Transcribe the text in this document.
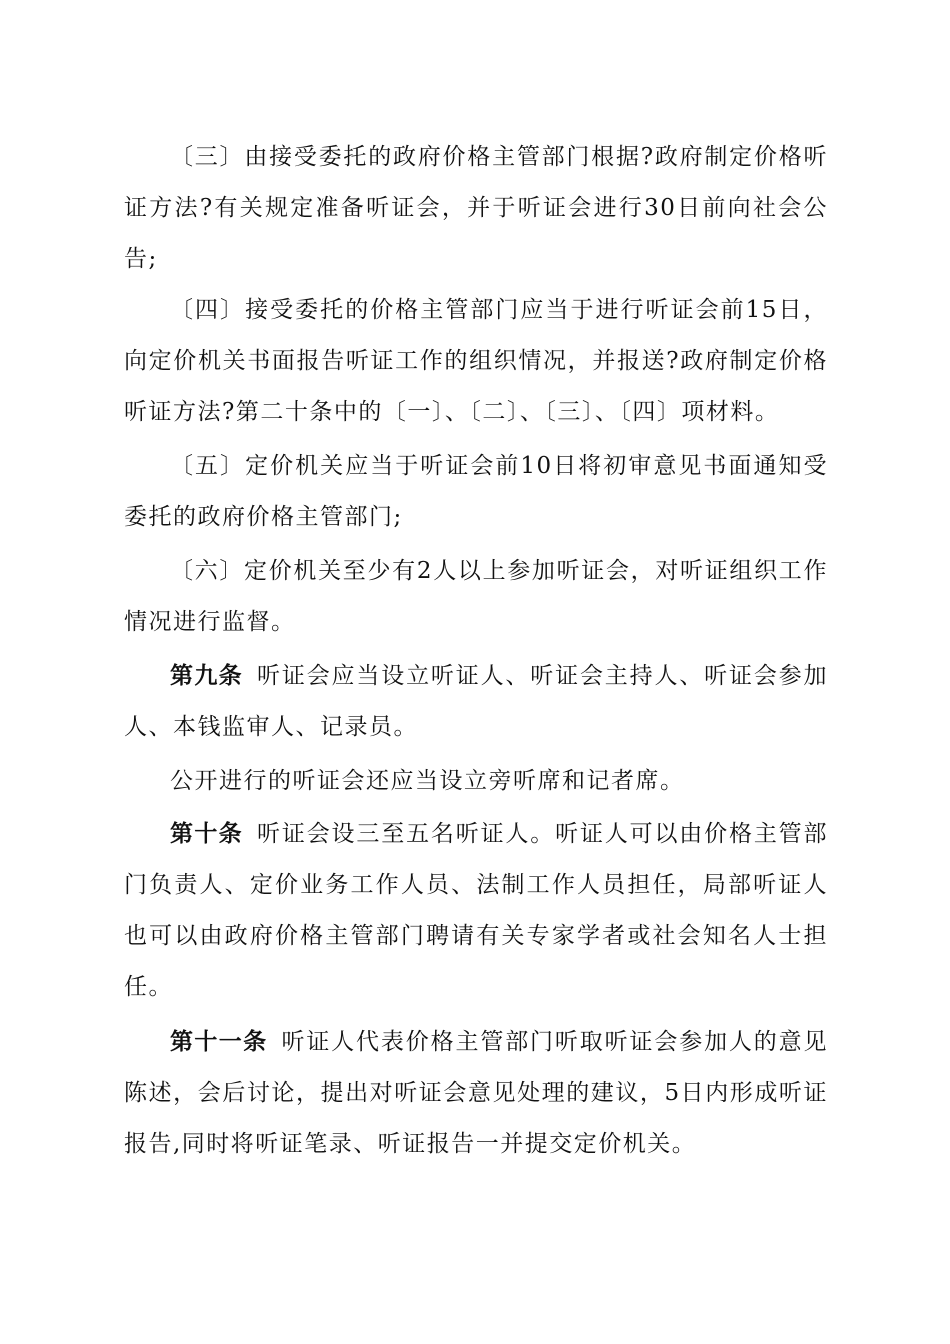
〔三〕由接受委托的政府价格主管部门根据?政府制定价格听证方法?有关规定准备听证会，并于听证会进行30日前向社会公告;

〔四〕接受委托的价格主管部门应当于进行听证会前15日，向定价机关书面报告听证工作的组织情况，并报送?政府制定价格听证方法?第二十条中的〔一〕、〔二〕、〔三〕、〔四〕项材料。

〔五〕定价机关应当于听证会前10日将初审意见书面通知受委托的政府价格主管部门;

〔六〕定价机关至少有2人以上参加听证会，对听证组织工作情况进行监督。

第九条 听证会应当设立听证人、听证会主持人、听证会参加人、本钱监审人、记录员。

公开进行的听证会还应当设立旁听席和记者席。

第十条 听证会设三至五名听证人。听证人可以由价格主管部门负责人、定价业务工作人员、法制工作人员担任，局部听证人也可以由政府价格主管部门聘请有关专家学者或社会知名人士担任。

第十一条 听证人代表价格主管部门听取听证会参加人的意见陈述，会后讨论，提出对听证会意见处理的建议，5日内形成听证报告,同时将听证笔录、听证报告一并提交定价机关。
